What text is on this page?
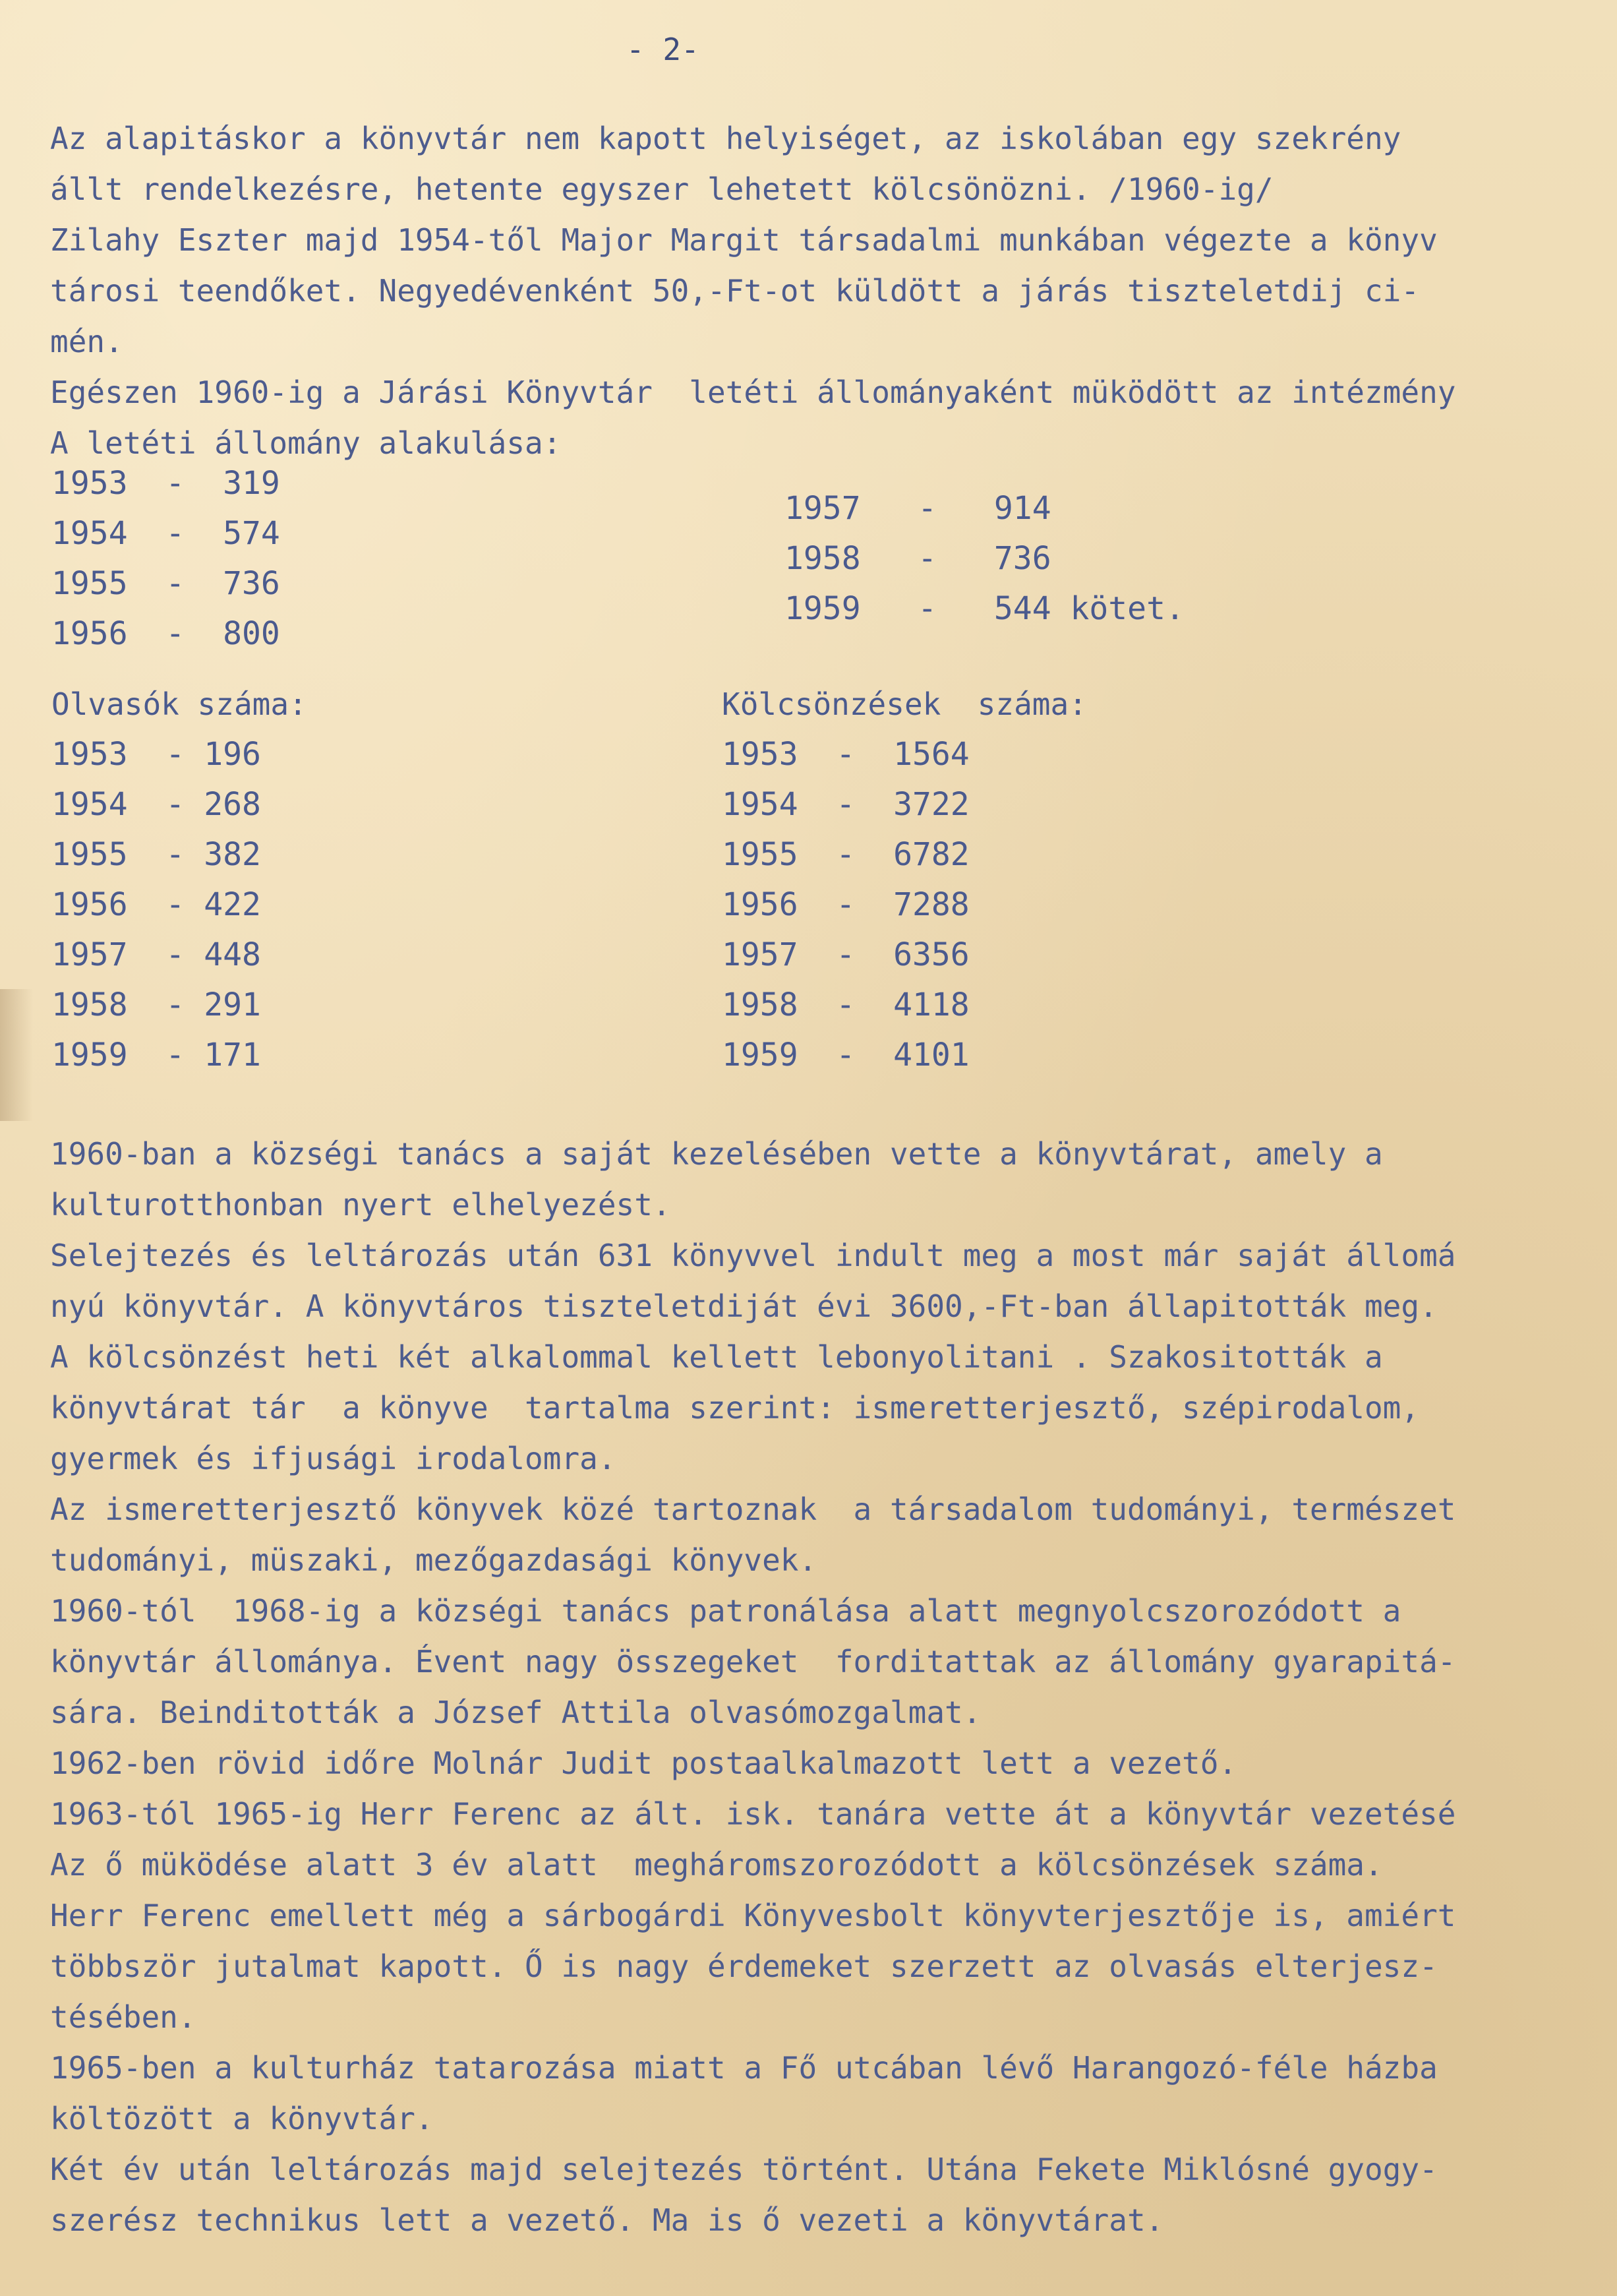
- 2-
Az alapitáskor a könyvtár nem kapott helyiséget, az iskolában egy szekrény
állt rendelkezésre, hetente egyszer lehetett kölcsönözni. /1960-ig/
Zilahy Eszter majd 1954-től Major Margit társadalmi munkában végezte a könyv
tárosi teendőket. Negyedévenként 50,-Ft-ot küldött a járás tiszteletdij ci-
mén.
Egészen 1960-ig a Járási Könyvtár  letéti állományaként müködött az intézmény
A letéti állomány alakulása:
1953  -  319
1954  -  574
1955  -  736
1956  -  800
1957   -   914
1958   -   736
1959   -   544 kötet.
Olvasók száma:
1953  - 196
1954  - 268
1955  - 382
1956  - 422
1957  - 448
1958  - 291
1959  - 171
Kölcsönzések  száma:
1953  -  1564
1954  -  3722
1955  -  6782
1956  -  7288
1957  -  6356
1958  -  4118
1959  -  4101
1960-ban a községi tanács a saját kezelésében vette a könyvtárat, amely a
kulturotthonban nyert elhelyezést.
Selejtezés és leltározás után 631 könyvvel indult meg a most már saját állomá
nyú könyvtár. A könyvtáros tiszteletdiját évi 3600,-Ft-ban állapitották meg.
A kölcsönzést heti két alkalommal kellett lebonyolitani . Szakositották a
könyvtárat tár  a könyve  tartalma szerint: ismeretterjesztő, szépirodalom,
gyermek és ifjusági irodalomra.
Az ismeretterjesztő könyvek közé tartoznak  a társadalom tudományi, természet
tudományi, müszaki, mezőgazdasági könyvek.
1960-tól  1968-ig a községi tanács patronálása alatt megnyolcszorozódott a
könyvtár állománya. Évent nagy összegeket  forditattak az állomány gyarapitá-
sára. Beinditották a József Attila olvasómozgalmat.
1962-ben rövid időre Molnár Judit postaalkalmazott lett a vezető.
1963-tól 1965-ig Herr Ferenc az ált. isk. tanára vette át a könyvtár vezetésé
Az ő müködése alatt 3 év alatt  megháromszorozódott a kölcsönzések száma.
Herr Ferenc emellett még a sárbogárdi Könyvesbolt könyvterjesztője is, amiért
többször jutalmat kapott. Ő is nagy érdemeket szerzett az olvasás elterjesz-
tésében.
1965-ben a kulturház tatarozása miatt a Fő utcában lévő Harangozó-féle házba
költözött a könyvtár.
Két év után leltározás majd selejtezés történt. Utána Fekete Miklósné gyogy-
szerész technikus lett a vezető. Ma is ő vezeti a könyvtárat.
